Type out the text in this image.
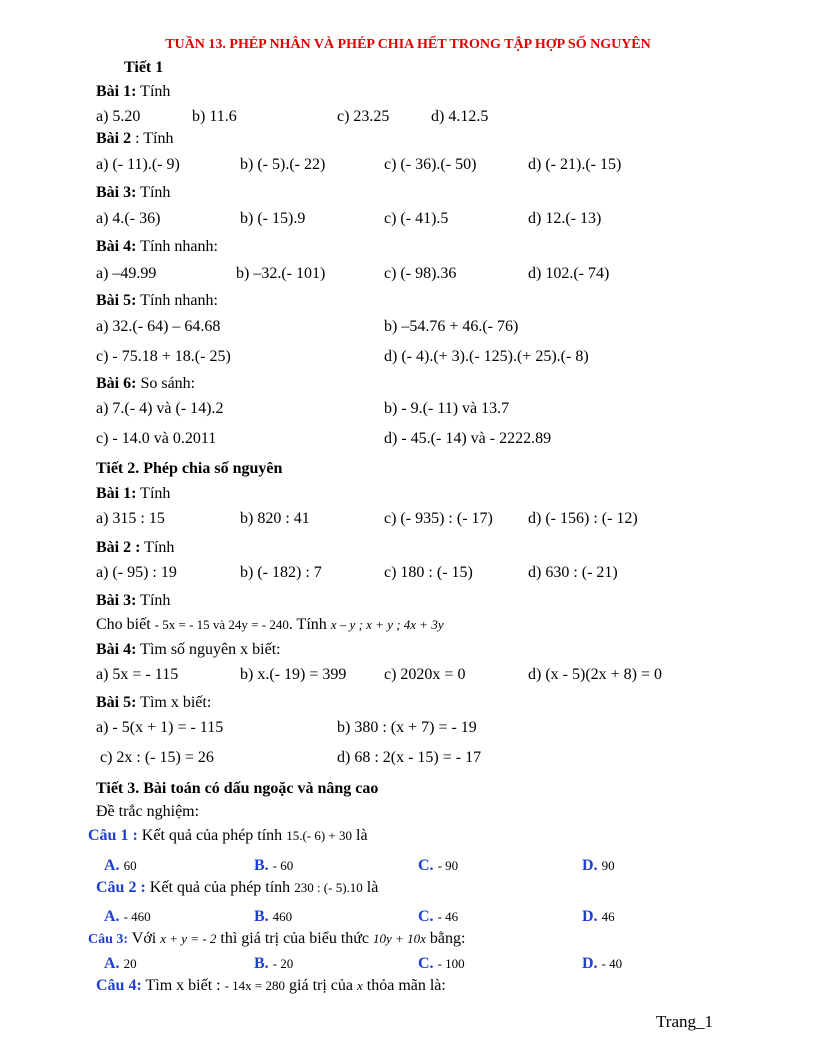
TUẦN 13. PHÉP NHÂN VÀ PHÉP CHIA HẾT TRONG TẬP HỢP SỐ NGUYÊN
Tiết 1
Bài 1: Tính
a) 5.20	b) 11.6	c) 23.25	d) 4.12.5
Bài 2 : Tính
a) (- 11).(- 9)	b) (- 5).(- 22)	c) (- 36).(- 50)	d) (- 21).(- 15)
Bài 3: Tính
a) 4.(- 36)	b) (- 15).9	c) (- 41).5	d) 12.(- 13)
Bài 4: Tính nhanh:
a) –49.99	b) –32.(- 101)	c) (- 98).36	d) 102.(- 74)
Bài 5: Tính nhanh:
a) 32.(- 64) – 64.68	b) –54.76 + 46.(- 76)
c) - 75.18 + 18.(- 25)	d) (- 4).(+ 3).(- 125).(+ 25).(- 8)
Bài 6: So sánh:
a) 7.(- 4) và (- 14).2	b) - 9.(- 11) và 13.7
c) - 14.0 và 0.2011	d) - 45.(- 14) và - 2222.89
Tiết 2. Phép chia số nguyên
Bài 1: Tính
a) 315 : 15	b) 820 : 41	c) (- 935) : (- 17) d) (- 156) : (- 12)
Bài 2 : Tính
a) (- 95) : 19	b) (- 182) : 7	c) 180 : (- 15)	d) 630 : (- 21)
Bài 3: Tính
Cho biết - 5x = - 15 và 24y = - 240. Tính x – y ; x + y ; 4x + 3y
Bài 4: Tìm số nguyên x biết:
a) 5x = - 115	b) x.(- 19) = 399 c) 2020x = 0	d) (x - 5)(2x + 8) = 0
Bài 5: Tìm x biết:
a) - 5(x + 1) = - 115	b) 380 : (x + 7) = - 19
c) 2x : (- 15) = 26	d) 68 : 2(x - 15) = - 17
Tiết 3. Bài toán có dấu ngoặc và nâng cao
Đề trắc nghiệm:
Câu 1 : Kết quả của phép tính 15.(- 6) + 30 là
A. 60	B. - 60	C. - 90	D. 90
Câu 2 : Kết quả của phép tính 230 : (- 5).10 là
A. - 460	B. 460	C. - 46	D. 46
Câu 3: Với x + y = - 2 thì giá trị của biểu thức 10y + 10x bằng:
A. 20	B. - 20	C. - 100	D. - 40
Câu 4: Tìm x biết : - 14x = 280 giá trị của x thỏa mãn là:
Trang_1
